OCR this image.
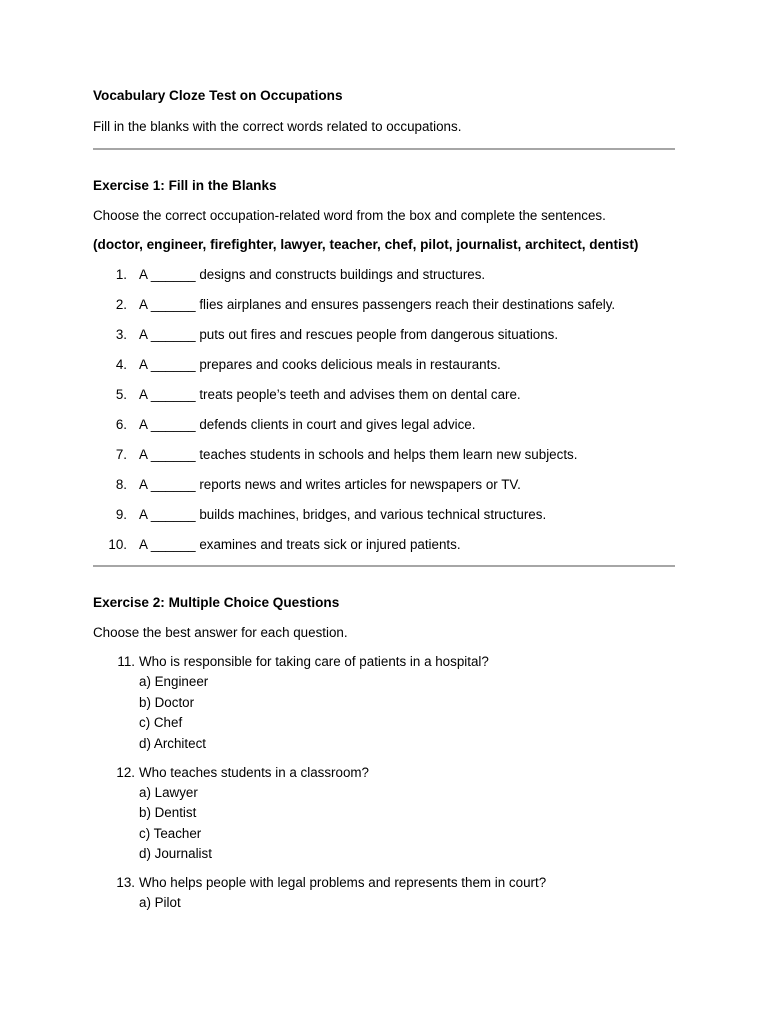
Vocabulary Cloze Test on Occupations

Fill in the blanks with the correct words related to occupations.

Exercise 1: Fill in the Blanks

Choose the correct occupation-related word from the box and complete the sentences.

(doctor, engineer, firefighter, lawyer, teacher, chef, pilot, journalist, architect, dentist)

1. A ______ designs and constructs buildings and structures.
2. A ______ flies airplanes and ensures passengers reach their destinations safely.
3. A ______ puts out fires and rescues people from dangerous situations.
4. A ______ prepares and cooks delicious meals in restaurants.
5. A ______ treats people’s teeth and advises them on dental care.
6. A ______ defends clients in court and gives legal advice.
7. A ______ teaches students in schools and helps them learn new subjects.
8. A ______ reports news and writes articles for newspapers or TV.
9. A ______ builds machines, bridges, and various technical structures.
10. A ______ examines and treats sick or injured patients.
Exercise 2: Multiple Choice Questions

Choose the best answer for each question.

11. Who is responsible for taking care of patients in a hospital?
a) Engineer
b) Doctor
c) Chef
d) Architect
12. Who teaches students in a classroom?
a) Lawyer
b) Dentist
c) Teacher
d) Journalist
13. Who helps people with legal problems and represents them in court?
a) Pilot
